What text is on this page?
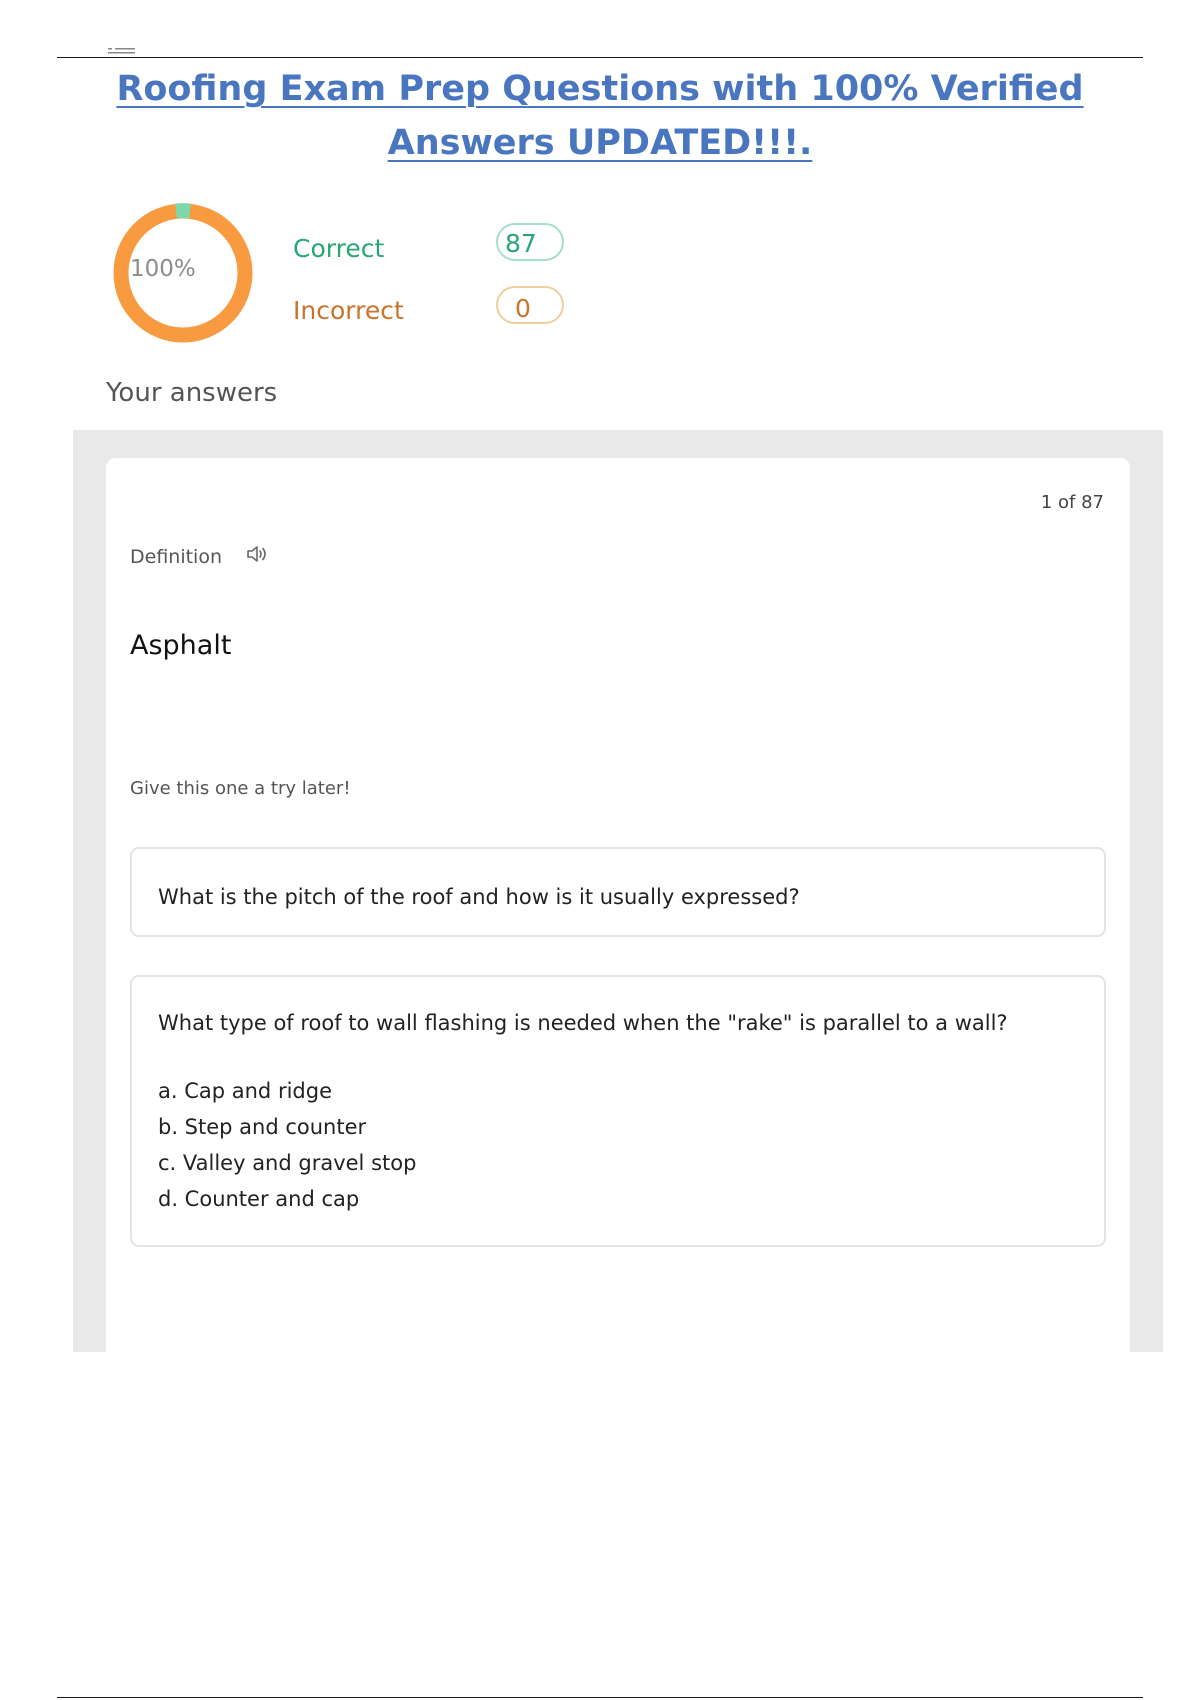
Roofing Exam Prep Questions with 100% Verified Answers UPDATED!!!.
100%
Correct	87
Incorrect	0
Your answers
1 of 87
Definition
Asphalt
Give this one a try later!
What is the pitch of the roof and how is it usually expressed?
What type of roof to wall flashing is needed when the "rake" is parallel to a wall?
a. Cap and ridge
b. Step and counter
c. Valley and gravel stop
d. Counter and cap
